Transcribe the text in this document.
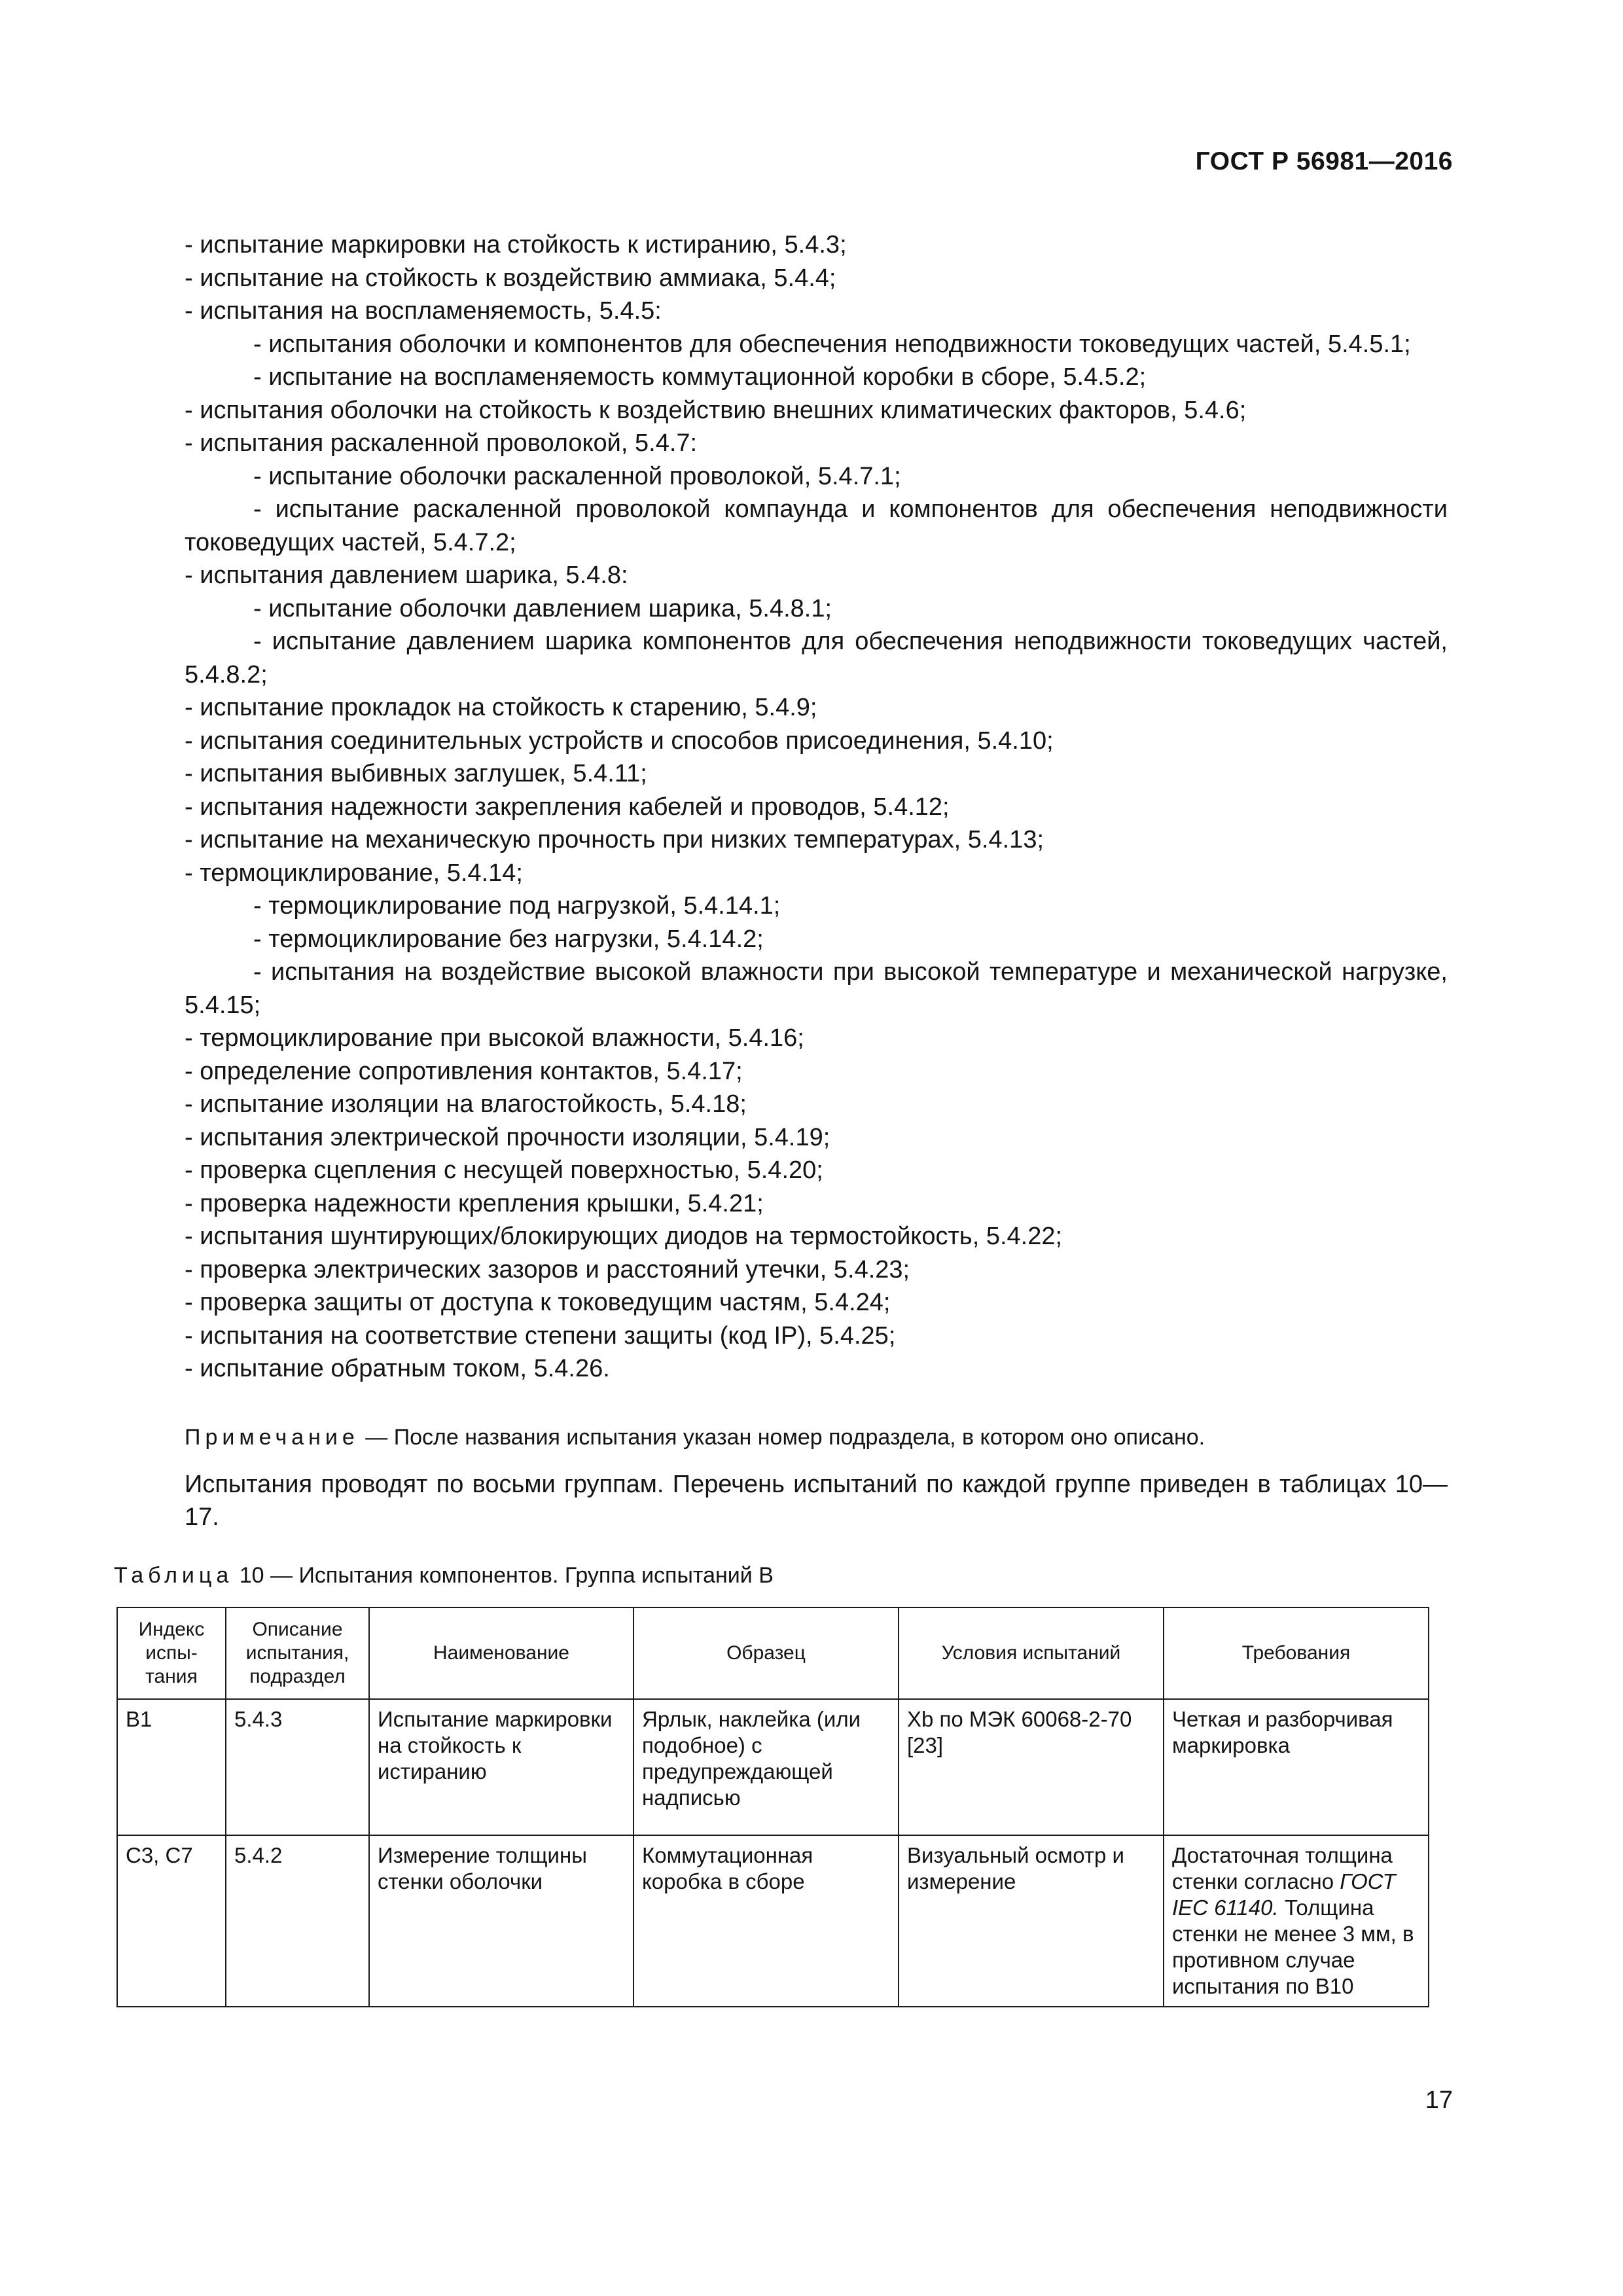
ГОСТ Р 56981—2016

- испытание маркировки на стойкость к истиранию, 5.4.3;

- испытание на стойкость к воздействию аммиака, 5.4.4;

- испытания на воспламеняемость, 5.4.5:

- испытания оболочки и компонентов для обеспечения неподвижности токоведущих частей, 5.4.5.1;

- испытание на воспламеняемость коммутационной коробки в сборе, 5.4.5.2;

- испытания оболочки на стойкость к воздействию внешних климатических факторов, 5.4.6;

- испытания раскаленной проволокой, 5.4.7:

- испытание оболочки раскаленной проволокой, 5.4.7.1;

- испытание раскаленной проволокой компаунда и компонентов для обеспечения неподвижности токоведущих частей, 5.4.7.2;

- испытания давлением шарика, 5.4.8:

- испытание оболочки давлением шарика, 5.4.8.1;

- испытание давлением шарика компонентов для обеспечения неподвижности токоведущих частей, 5.4.8.2;

- испытание прокладок на стойкость к старению, 5.4.9;

- испытания соединительных устройств и способов присоединения, 5.4.10;

- испытания выбивных заглушек, 5.4.11;

- испытания надежности закрепления кабелей и проводов, 5.4.12;

- испытание на механическую прочность при низких температурах, 5.4.13;

- термоциклирование, 5.4.14;

- термоциклирование под нагрузкой, 5.4.14.1;

- термоциклирование без нагрузки, 5.4.14.2;

- испытания на воздействие высокой влажности при высокой температуре и механической нагрузке, 5.4.15;

- термоциклирование при высокой влажности, 5.4.16;

- определение сопротивления контактов, 5.4.17;

- испытание изоляции на влагостойкость, 5.4.18;

- испытания электрической прочности изоляции, 5.4.19;

- проверка сцепления с несущей поверхностью, 5.4.20;

- проверка надежности крепления крышки, 5.4.21;

- испытания шунтирующих/блокирующих диодов на термостойкость, 5.4.22;

- проверка электрических зазоров и расстояний утечки, 5.4.23;

- проверка защиты от доступа к токоведущим частям, 5.4.24;

- испытания на соответствие степени защиты (код IP), 5.4.25;

- испытание обратным током, 5.4.26.

Примечание — После названия испытания указан номер подраздела, в котором оно описано.
Испытания проводят по восьми группам. Перечень испытаний по каждой группе приведен в таблицах 10—17.
Таблица 10 — Испытания компонентов. Группа испытаний В
Индекс испы-тания	Описание испытания, подраздел	Наименование	Образец	Условия испытаний	Требования
B1	5.4.3	Испытание маркировки на стойкость к истиранию	Ярлык, наклейка (или подобное) с предупреждающей надписью	Xb по МЭК 60068-2-70 [23]	Четкая и разборчивая маркировка
C3, C7	5.4.2	Измерение толщины стенки оболочки	Коммутационная коробка в сборе	Визуальный осмотр и измерение	Достаточная толщина стенки согласно ГОСТ IEC 61140. Толщина стенки не менее 3 мм, в противном случае испытания по В10
17
